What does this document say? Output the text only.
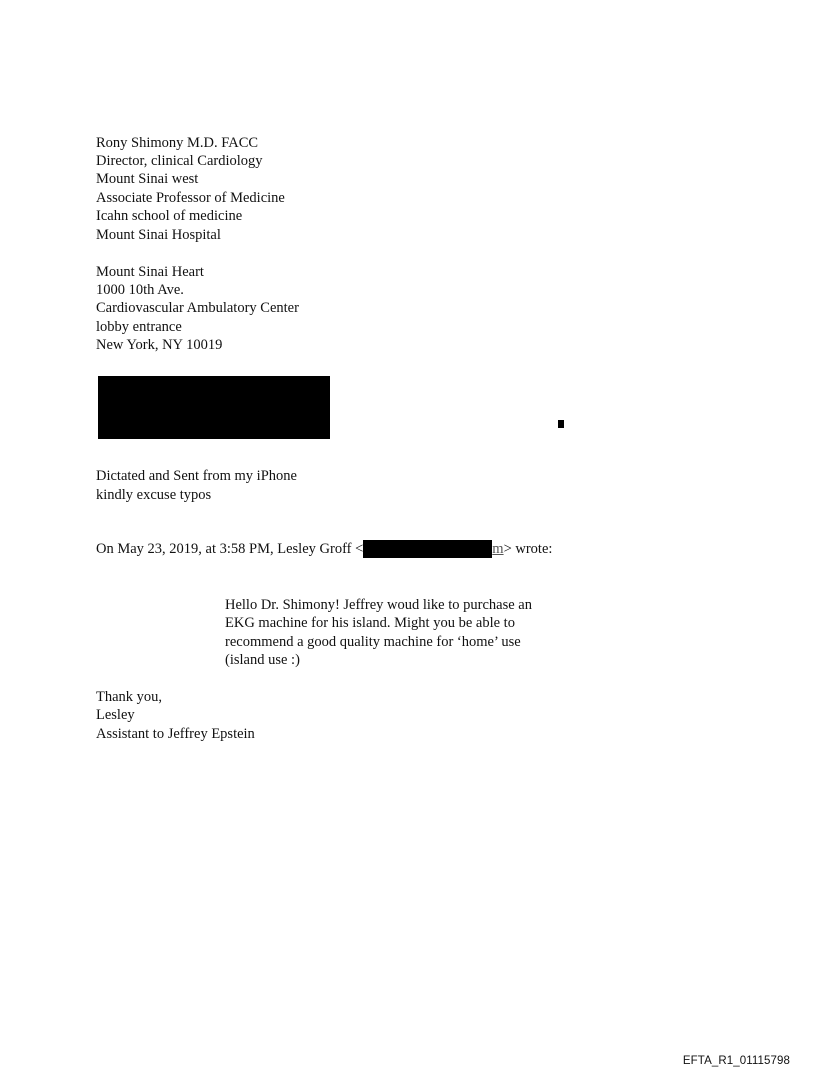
Rony Shimony M.D. FACC
Director, clinical Cardiology
Mount Sinai west
Associate Professor of Medicine
Icahn school of medicine
Mount Sinai Hospital
Mount Sinai Heart
1000 10th Ave.
Cardiovascular Ambulatory Center
lobby entrance
New York, NY 10019
Dictated and Sent from my iPhone
kindly excuse typos
On May 23, 2019, at 3:58 PM, Lesley Groff <	m> wrote:
Hello Dr. Shimony! Jeffrey woud like to purchase an
EKG machine for his island. Might you be able to
recommend a good quality machine for ‘home’ use
(island use :)
Thank you,
Lesley
Assistant to Jeffrey Epstein
EFTA_R1_01115798
